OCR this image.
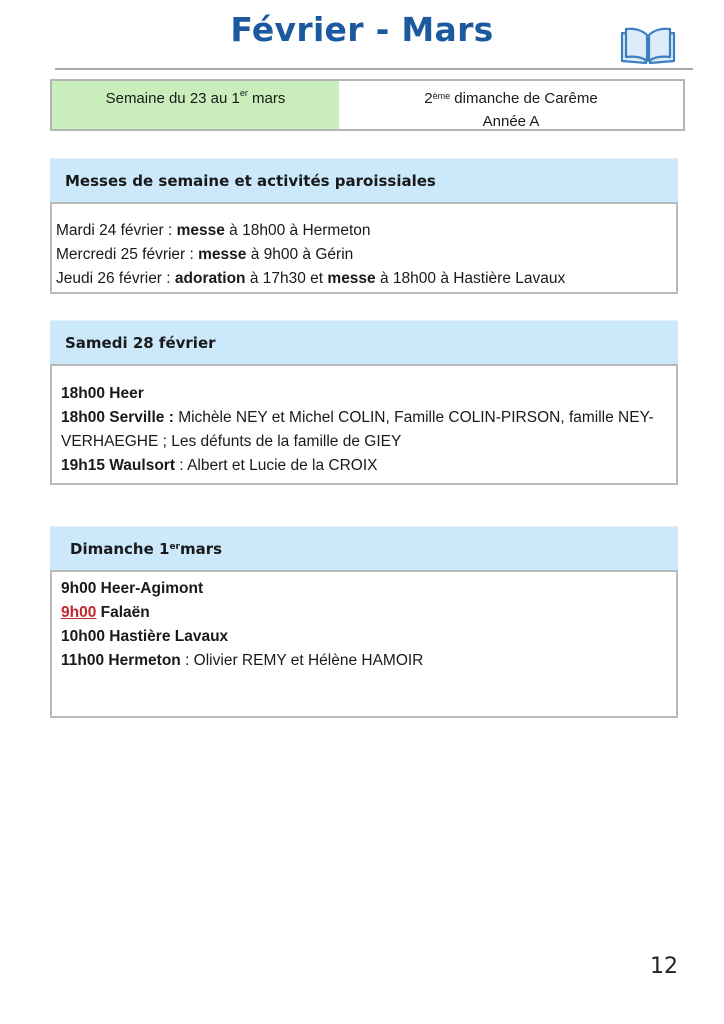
Février - Mars
Semaine du 23 au 1er mars	2ème dimanche de Carême
Année A
Messes de semaine et activités paroissiales
Mardi 24 février : messe à 18h00 à Hermeton
Mercredi 25 février : messe à 9h00 à Gérin
Jeudi 26 février : adoration à 17h30 et messe à 18h00 à Hastière Lavaux
Samedi 28 février
18h00 Heer
18h00 Serville : Michèle NEY et Michel COLIN, Famille COLIN-PIRSON, famille NEY-VERHAEGHE ; Les défunts de la famille de GIEY
19h15 Waulsort : Albert et Lucie de la CROIX
Dimanche 1er mars
9h00 Heer-Agimont
9h00 Falaën
10h00 Hastière Lavaux
11h00 Hermeton : Olivier REMY et Hélène HAMOIR
12
